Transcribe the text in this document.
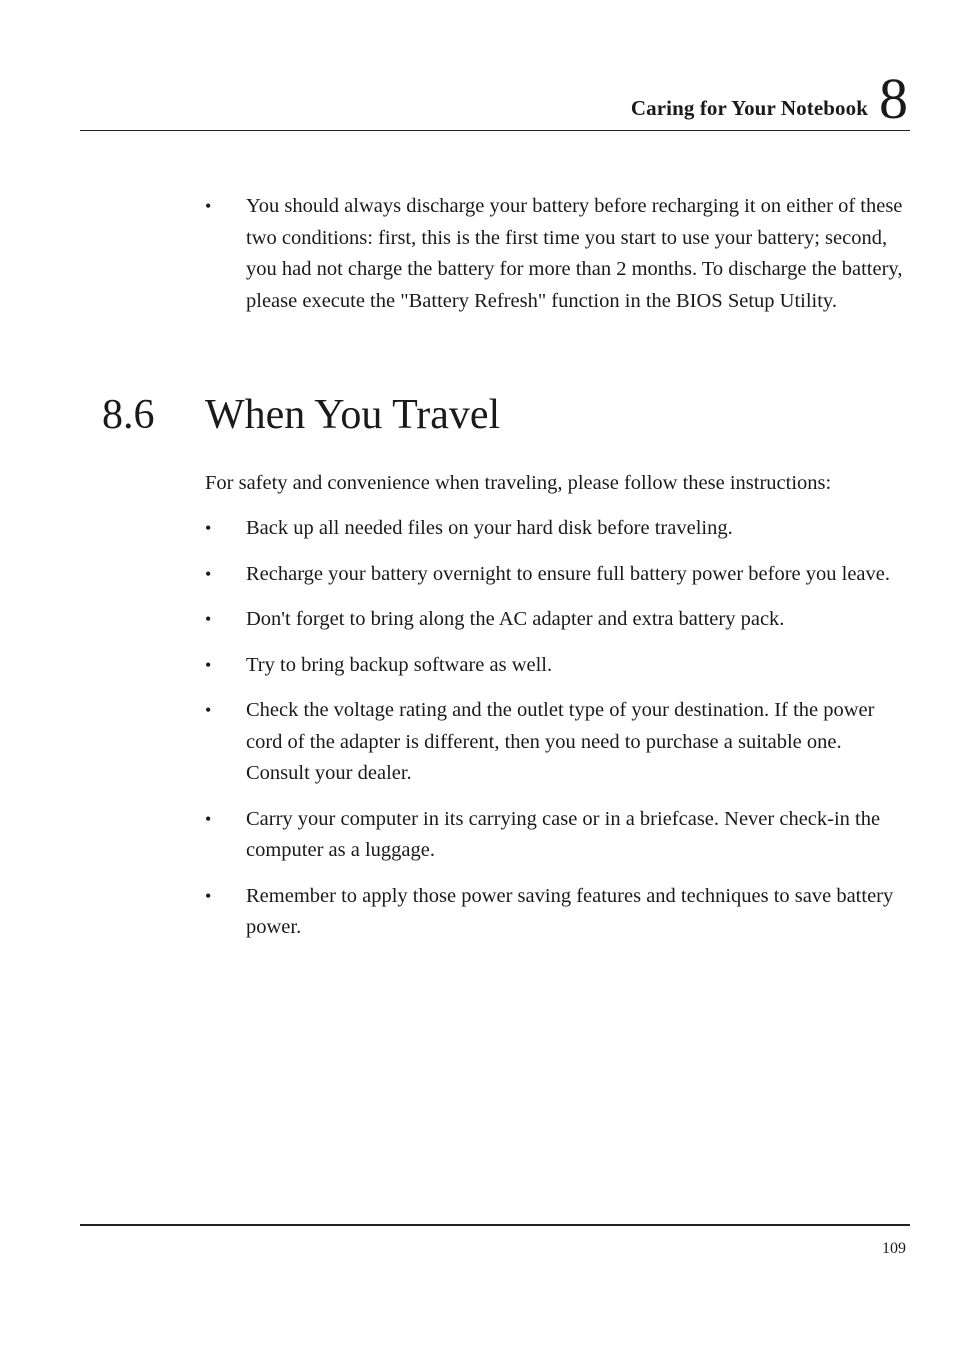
Caring for Your Notebook 8
• You should always discharge your battery before recharging it on either of these two conditions: first, this is the first time you start to use your battery; second, you had not charge the battery for more than 2 months. To discharge the battery, please execute the "Battery Refresh" function in the BIOS Setup Utility.
8.6 When You Travel
For safety and convenience when traveling, please follow these instructions:
• Back up all needed files on your hard disk before traveling.
• Recharge your battery overnight to ensure full battery power before you leave.
• Don't forget to bring along the AC adapter and extra battery pack.
• Try to bring backup software as well.
• Check the voltage rating and the outlet type of your destination. If the power cord of the adapter is different, then you need to purchase a suitable one. Consult your dealer.
• Carry your computer in its carrying case or in a briefcase. Never check-in the computer as a luggage.
• Remember to apply those power saving features and techniques to save battery power.
109
